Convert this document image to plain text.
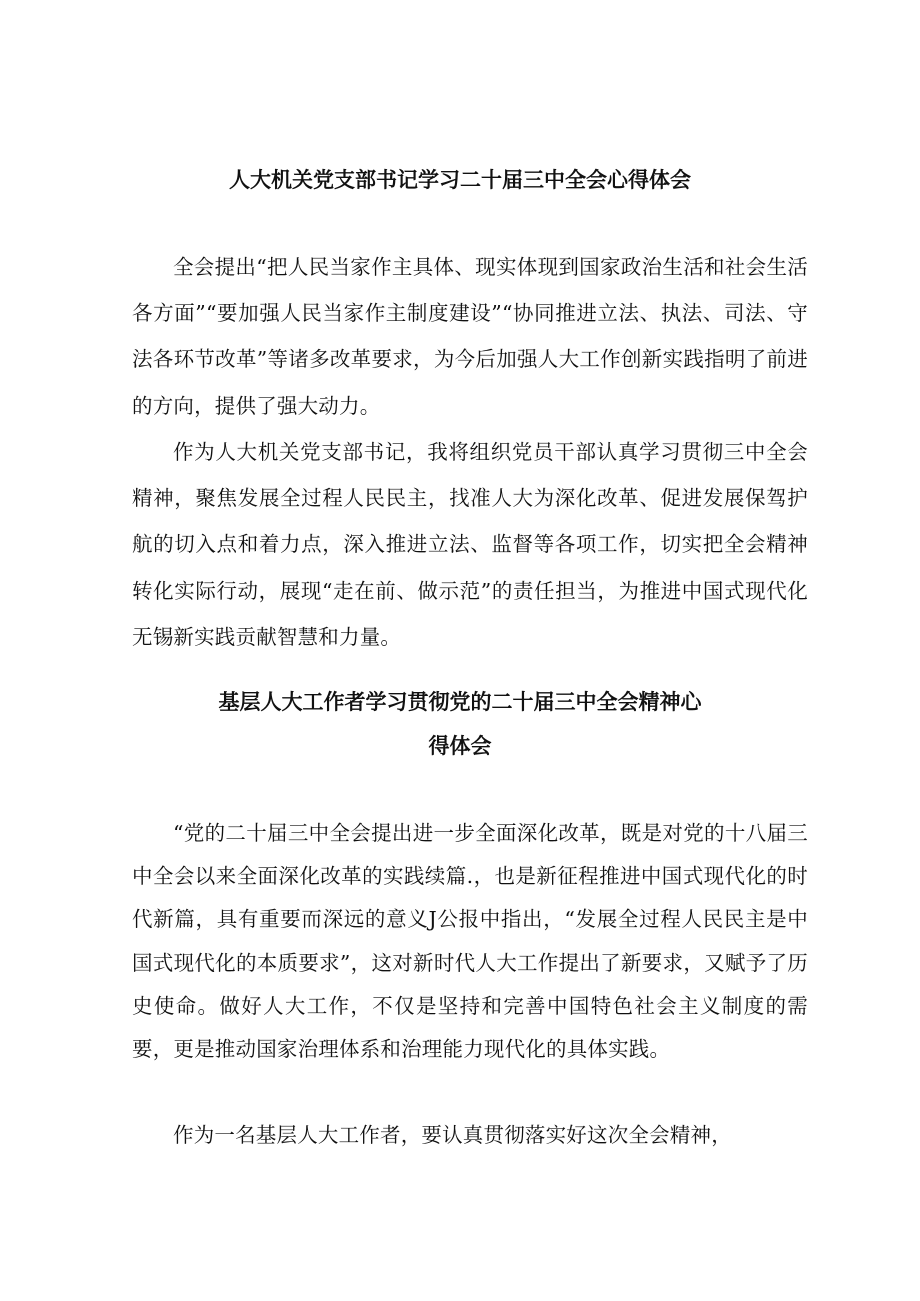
人大机关党支部书记学习二十届三中全会心得体会

全会提出“把人民当家作主具体、现实体现到国家政治生活和社会生活各方面”“要加强人民当家作主制度建设”“协同推进立法、执法、司法、守法各环节改革”等诸多改革要求，为今后加强人大工作创新实践指明了前进的方向，提供了强大动力。

作为人大机关党支部书记，我将组织党员干部认真学习贯彻三中全会精神，聚焦发展全过程人民民主，找准人大为深化改革、促进发展保驾护航的切入点和着力点，深入推进立法、监督等各项工作，切实把全会精神转化实际行动，展现“走在前、做示范”的责任担当，为推进中国式现代化无锡新实践贡献智慧和力量。

基层人大工作者学习贯彻党的二十届三中全会精神心
得体会

“党的二十届三中全会提出进一步全面深化改革，既是对党的十八届三中全会以来全面深化改革的实践续篇.，也是新征程推进中国式现代化的时代新篇，具有重要而深远的意义J公报中指出，“发展全过程人民民主是中国式现代化的本质要求”，这对新时代人大工作提出了新要求，又赋予了历史使命。做好人大工作，不仅是坚持和完善中国特色社会主义制度的需要，更是推动国家治理体系和治理能力现代化的具体实践。

作为一名基层人大工作者，要认真贯彻落实好这次全会精神，
